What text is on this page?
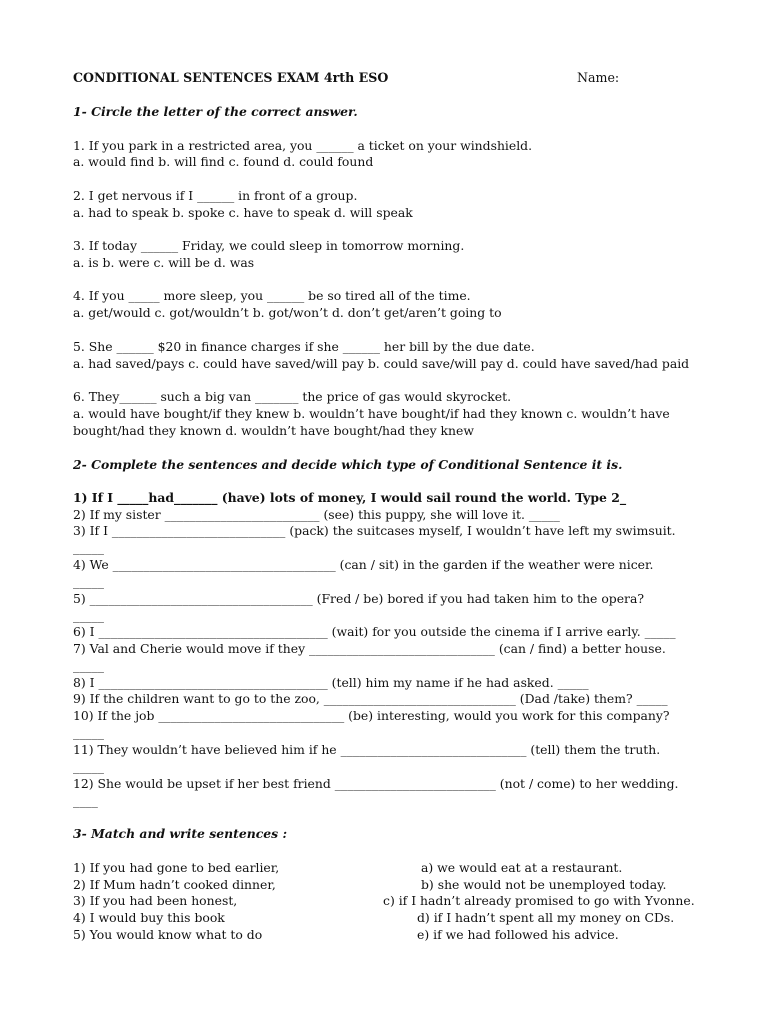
CONDITIONAL SENTENCES EXAM 4rth ESO	Name:
1- Circle the letter of the correct answer.
1. If you park in a restricted area, you ______ a ticket on your windshield.
a. would find b. will find c. found d. could found
2. I get nervous if I ______ in front of a group.
a. had to speak b. spoke c. have to speak d. will speak
3. If today ______ Friday, we could sleep in tomorrow morning.
a. is b. were c. will be d. was
4. If you _____ more sleep, you ______ be so tired all of the time.
a. get/would c. got/wouldn’t b. got/won’t d. don’t get/aren’t going to
5. She ______ $20 in finance charges if she ______ her bill by the due date.
a. had saved/pays c. could have saved/will pay b. could save/will pay d. could have saved/had paid
6. They______ such a big van _______ the price of gas would skyrocket.
a. would have bought/if they knew b. wouldn’t have bought/if had they known c. wouldn’t have
bought/had they known d. wouldn’t have bought/had they knew
2- Complete the sentences and decide which type of Conditional Sentence it is.
1) If I _____had_______ (have) lots of money, I would sail round the world. Type 2_
2) If my sister _________________________ (see) this puppy, she will love it. _____
3) If I ____________________________ (pack) the suitcases myself, I wouldn’t have left my swimsuit.
_____
4) We ____________________________________ (can / sit) in the garden if the weather were nicer.
_____
5) ____________________________________ (Fred / be) bored if you had taken him to the opera?
_____
6) I _____________________________________ (wait) for you outside the cinema if I arrive early. _____
7) Val and Cherie would move if they ______________________________ (can / find) a better house.
_____
8) I _____________________________________ (tell) him my name if he had asked. _____
9) If the children want to go to the zoo, _______________________________ (Dad /take) them? _____
10) If the job ______________________________ (be) interesting, would you work for this company?
_____
11) They wouldn’t have believed him if he ______________________________ (tell) them the truth.
_____
12) She would be upset if her best friend __________________________ (not / come) to her wedding.
____
3- Match and write sentences :
1) If you had gone to bed earlier,
2) If Mum hadn’t cooked dinner,
3) If you had been honest,
4) I would buy this book
5) You would know what to do
a) we would eat at a restaurant.
b) she would not be unemployed today.
c) if I hadn’t already promised to go with Yvonne.
d) if I hadn’t spent all my money on CDs.
e) if we had followed his advice.
